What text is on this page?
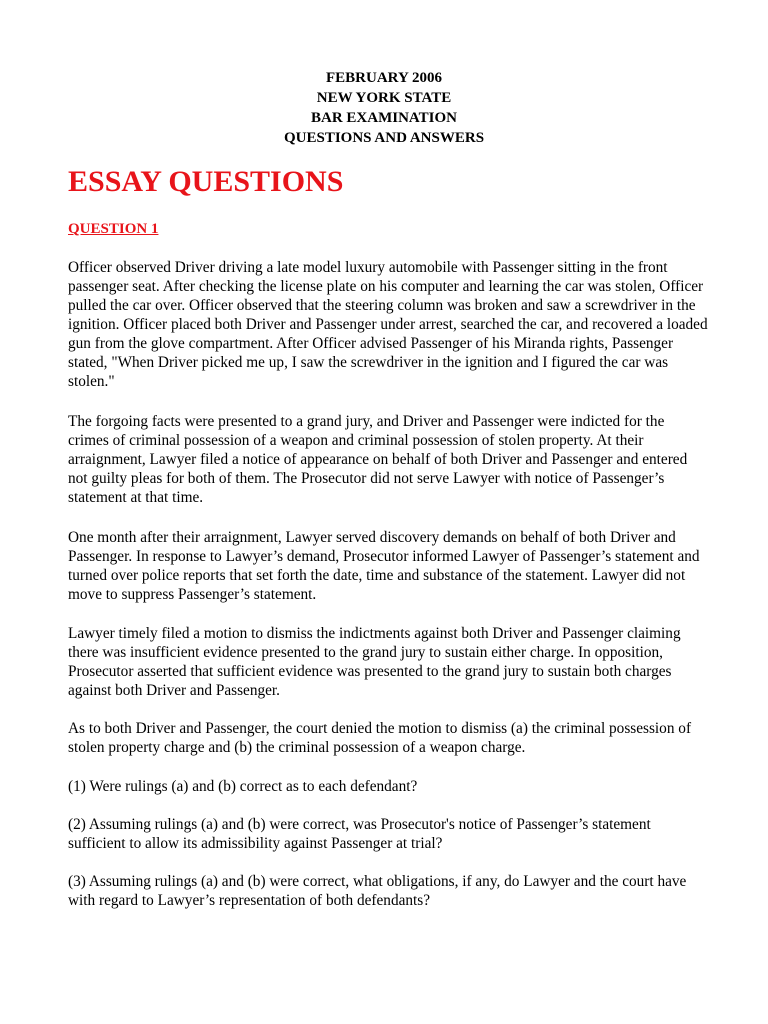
FEBRUARY 2006
NEW YORK STATE
BAR EXAMINATION
QUESTIONS AND ANSWERS
ESSAY QUESTIONS
QUESTION 1

Officer observed Driver driving a late model luxury automobile with Passenger sitting in the front passenger seat. After checking the license plate on his computer and learning the car was stolen, Officer pulled the car over. Officer observed that the steering column was broken and saw a screwdriver in the ignition. Officer placed both Driver and Passenger under arrest, searched the car, and recovered a loaded gun from the glove compartment. After Officer advised Passenger of his Miranda rights, Passenger stated, "When Driver picked me up, I saw the screwdriver in the ignition and I figured the car was stolen."

The forgoing facts were presented to a grand jury, and Driver and Passenger were indicted for the crimes of criminal possession of a weapon and criminal possession of stolen property. At their arraignment, Lawyer filed a notice of appearance on behalf of both Driver and Passenger and entered not guilty pleas for both of them. The Prosecutor did not serve Lawyer with notice of Passenger’s statement at that time.

One month after their arraignment, Lawyer served discovery demands on behalf of both Driver and Passenger. In response to Lawyer’s demand, Prosecutor informed Lawyer of Passenger’s statement and turned over police reports that set forth the date, time and substance of the statement. Lawyer did not move to suppress Passenger’s statement.

Lawyer timely filed a motion to dismiss the indictments against both Driver and Passenger claiming there was insufficient evidence presented to the grand jury to sustain either charge. In opposition, Prosecutor asserted that sufficient evidence was presented to the grand jury to sustain both charges against both Driver and Passenger.

As to both Driver and Passenger, the court denied the motion to dismiss (a) the criminal possession of stolen property charge and (b) the criminal possession of a weapon charge.

(1) Were rulings (a) and (b) correct as to each defendant?

(2) Assuming rulings (a) and (b) were correct, was Prosecutor's notice of Passenger’s statement sufficient to allow its admissibility against Passenger at trial?

(3) Assuming rulings (a) and (b) were correct, what obligations, if any, do Lawyer and the court have with regard to Lawyer’s representation of both defendants?
